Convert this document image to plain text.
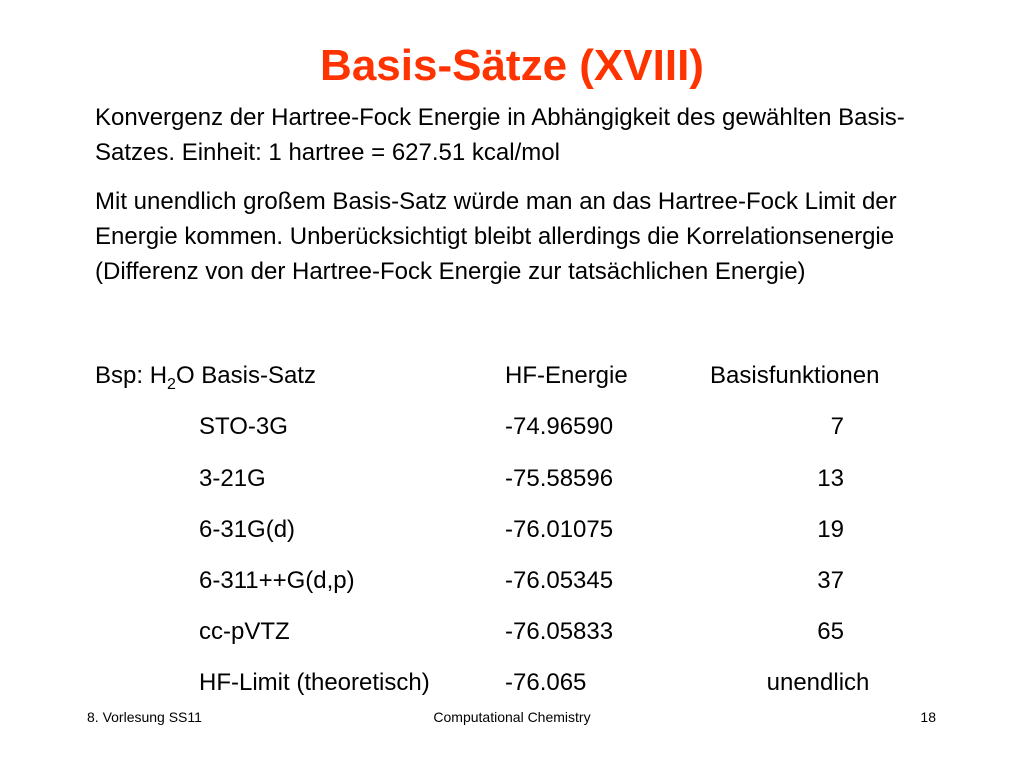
Basis-Sätze (XVIII)

Konvergenz der Hartree-Fock Energie in Abhängigkeit des gewählten Basis-Satzes. Einheit: 1 hartree = 627.51 kcal/mol

Mit unendlich großem Basis-Satz würde man an das Hartree-Fock Limit der Energie kommen. Unberücksichtigt bleibt allerdings die Korrelationsenergie (Differenz von der Hartree-Fock Energie zur tatsächlichen Energie)

Bsp: $H_2O$ Basis-Satz	HF-Energie	Basisfunktionen
STO-3G	-74.96590	7
3-21G	-75.58596	13
6-31G(d)	-76.01075	19
6-311++G(d,p)	-76.05345	37
cc-pVTZ	-76.05833	65
HF-Limit (theoretisch)	-76.065	unendlich
8. Vorlesung SS11	Computational Chemistry	18
